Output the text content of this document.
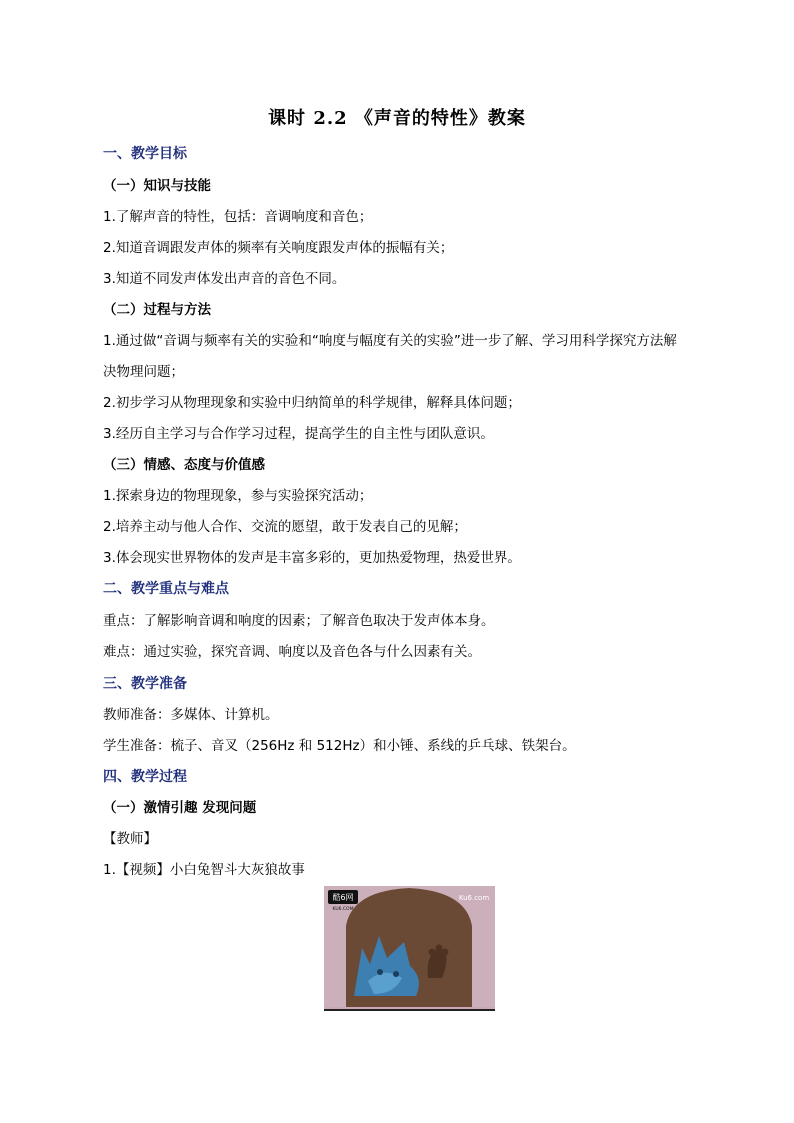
课时 2.2 《声音的特性》教案
一、教学目标
（一）知识与技能
1.了解声音的特性，包括：音调响度和音色；
2.知道音调跟发声体的频率有关响度跟发声体的振幅有关；
3.知道不同发声体发出声音的音色不同。
（二）过程与方法
1.通过做“音调与频率有关的实验和“响度与幅度有关的实验”进一步了解、学习用科学探究方法解
决物理问题；
2.初步学习从物理现象和实验中归纳简单的科学规律，解释具体问题；
3.经历自主学习与合作学习过程，提高学生的自主性与团队意识。
（三）情感、态度与价值感
1.探索身边的物理现象，参与实验探究活动；
2.培养主动与他人合作、交流的愿望，敢于发表自己的见解；
3.体会现实世界物体的发声是丰富多彩的，更加热爱物理，热爱世界。
二、教学重点与难点
重点：了解影响音调和响度的因素；了解音色取决于发声体本身。
难点：通过实验，探究音调、响度以及音色各与什么因素有关。
三、教学准备
教师准备：多媒体、计算机。
学生准备：梳子、音叉（256Hz 和 512Hz）和小锤、系线的乒乓球、铁架台。
四、教学过程
（一）激情引趣 发现问题
【教师】
1.【视频】小白兔智斗大灰狼故事
酷6网
KU6.COM
Ku6.com
